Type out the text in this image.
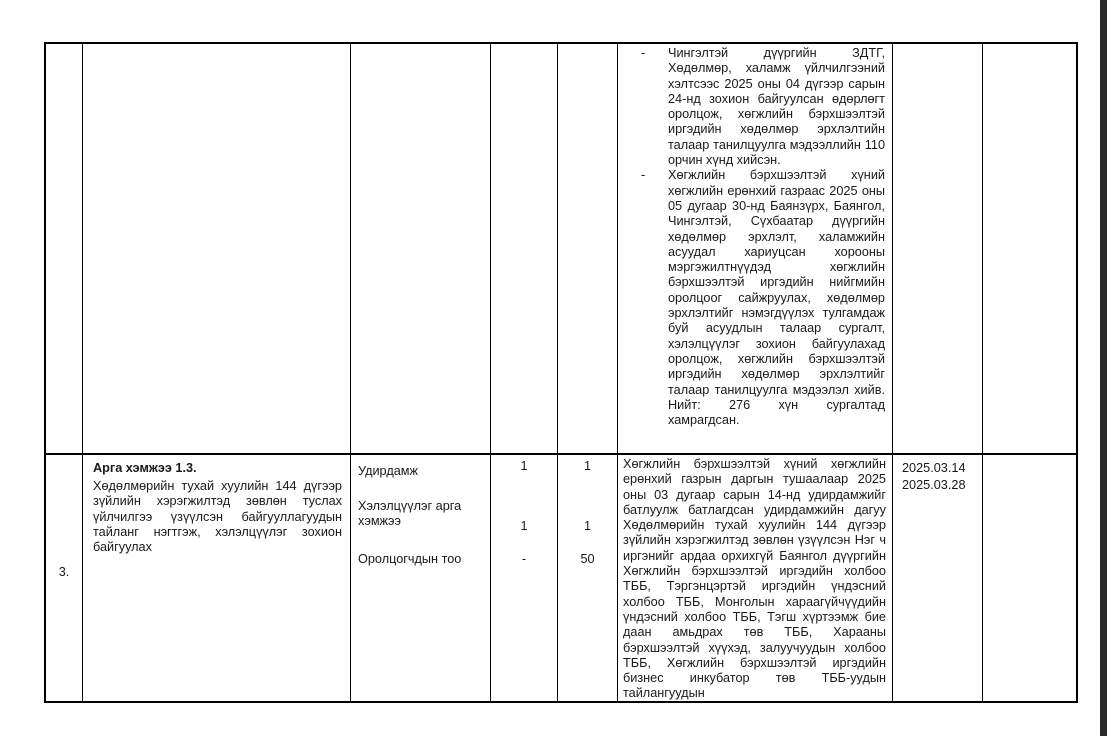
- Чингэлтэй дүүргийн ЗДТГ, Хөдөлмөр, халамж үйлчилгээний хэлтсээс 2025 оны 04 дүгээр сарын 24-нд зохион байгуулсан өдөрлөгт оролцож, хөгжлийн бэрхшээлтэй иргэдийн хөдөлмөр эрхлэлтийн талаар танилцуулга мэдээллийн 110 орчин хүнд хийсэн.
- Хөгжлийн бэрхшээлтэй хүний хөгжлийн ерөнхий газраас 2025 оны 05 дугаар 30-нд Баянзүрх, Баянгол, Чингэлтэй, Сүхбаатар дүүргийн хөдөлмөр эрхлэлт, халамжийн асуудал хариуцсан хорооны мэргэжилтнүүдэд хөгжлийн бэрхшээлтэй иргэдийн нийгмийн оролцоог сайжруулах, хөдөлмөр эрхлэлтийг нэмэгдүүлэх тулгамдаж буй асуудлын талаар сургалт, хэлэлцүүлэг зохион байгуулахад оролцож, хөгжлийн бэрхшээлтэй иргэдийн хөдөлмөр эрхлэлтийг талаар танилцуулга мэдээлэл хийв. Нийт: 276 хүн сургалтад хамрагдсан.
3.
Арга хэмжээ 1.3.
Хөдөлмөрийн тухай хуулийн 144 дүгээр зүйлийн хэрэгжилтэд зөвлөн туслах үйлчилгээ үзүүлсэн байгууллагуудын тайланг нэгтгэж, хэлэлцүүлэг зохион байгуулах
Удирдамж
Хэлэлцүүлэг арга хэмжээ
Оролцогчдын тоо
1
1
-
1
1
50
Хөгжлийн бэрхшээлтэй хүний хөгжлийн ерөнхий газрын даргын тушаалаар 2025 оны 03 дугаар сарын 14-нд удирдамжийг батлуулж батлагдсан удирдамжийн дагуу Хөдөлмөрийн тухай хуулийн 144 дүгээр зүйлийн хэрэгжилтэд зөвлөн үзүүлсэн Нэг ч иргэнийг ардаа орхихгүй Баянгол дүүргийн Хөгжлийн бэрхшээлтэй иргэдийн холбоо ТББ, Тэргэнцэртэй иргэдийн үндэсний холбоо ТББ, Монголын хараагүйчүүдийн үндэсний холбоо ТББ, Тэгш хүртээмж бие даан амьдрах төв ТББ, Харааны бэрхшээлтэй хүүхэд, залуучуудын холбоо ТББ, Хөгжлийн бэрхшээлтэй иргэдийн бизнес инкубатор төв ТББ-уудын тайлангуудын
2025.03.14
2025.03.28
